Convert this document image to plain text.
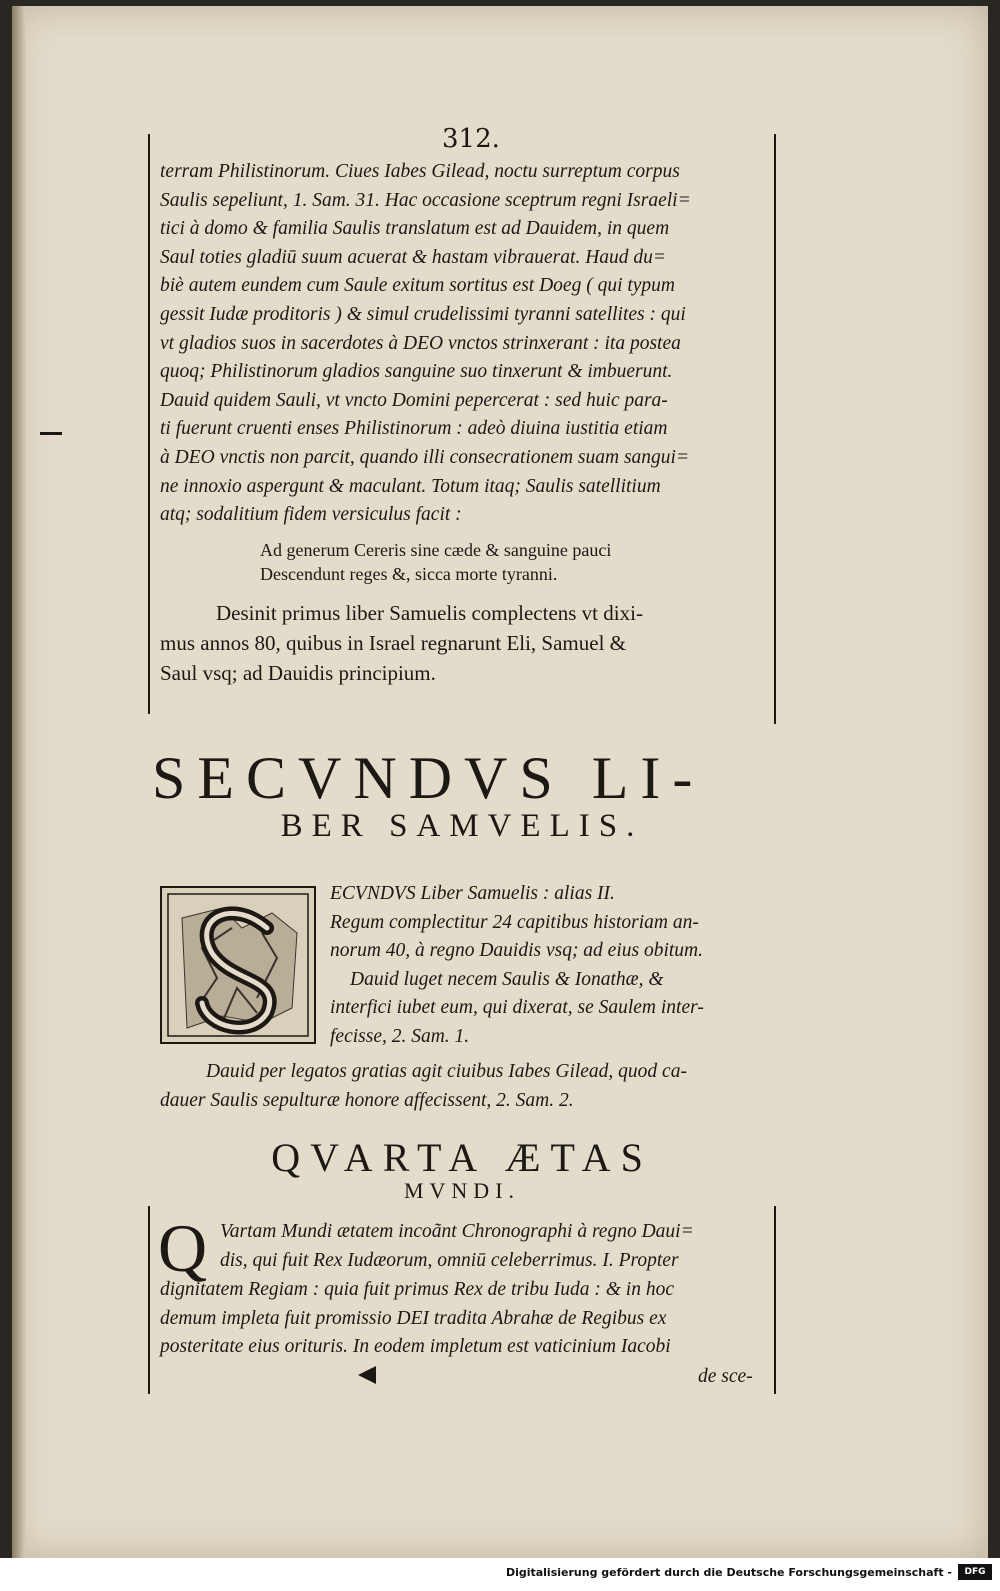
312.
terram Philistinorum. Ciues Iabes Gilead, noctu surreptum corpus
Saulis sepeliunt, 1. Sam. 31. Hac occasione sceptrum regni Israeli=
tici à domo & familia Saulis translatum est ad Dauidem, in quem
Saul toties gladiū suum acuerat & hastam vibrauerat. Haud du=
biè autem eundem cum Saule exitum sortitus est Doeg ( qui typum
gessit Iudæ proditoris ) & simul crudelissimi tyranni satellites : qui
vt gladios suos in sacerdotes à DEO vnctos strinxerant : ita postea
quoq; Philistinorum gladios sanguine suo tinxerunt & imbuerunt.
Dauid quidem Sauli, vt vncto Domini pepercerat : sed huic para-
ti fuerunt cruenti enses Philistinorum : adeò diuina iustitia etiam
à DEO vnctis non parcit, quando illi consecrationem suam sangui=
ne innoxio aspergunt & maculant. Totum itaq; Saulis satellitium
atq; sodalitium fidem versiculus facit :
Ad generum Cereris sine cæde & sanguine pauci
Descendunt reges &, sicca morte tyranni.
Desinit primus liber Samuelis complectens vt dixi-
mus annos 80, quibus in Israel regnarunt Eli, Samuel &
Saul vsq; ad Dauidis principium.
SECVNDVS LI-
BER SAMVELIS.
ECVNDVS Liber Samuelis : alias II.
Regum complectitur 24 capitibus historiam an-
norum 40, à regno Dauidis vsq; ad eius obitum.
Dauid luget necem Saulis & Ionathæ, &
interfici iubet eum, qui dixerat, se Saulem inter-
fecisse, 2. Sam. 1.
Dauid per legatos gratias agit ciuibus Iabes Gilead, quod ca-
dauer Saulis sepulturæ honore affecissent, 2. Sam. 2.
QVARTA ÆTAS
MVNDI.
Q Vartam Mundi ætatem incoãnt Chronographi à regno Daui=
dis, qui fuit Rex Iudæorum, omniū celeberrimus. I. Propter
dignitatem Regiam : quia fuit primus Rex de tribu Iuda : & in hoc
demum impleta fuit promissio DEI tradita Abrahæ de Regibus ex
posteritate eius orituris. In eodem impletum est vaticinium Iacobi
de sce-
Digitalisierung gefördert durch die Deutsche Forschungsgemeinschaft -	DFG
